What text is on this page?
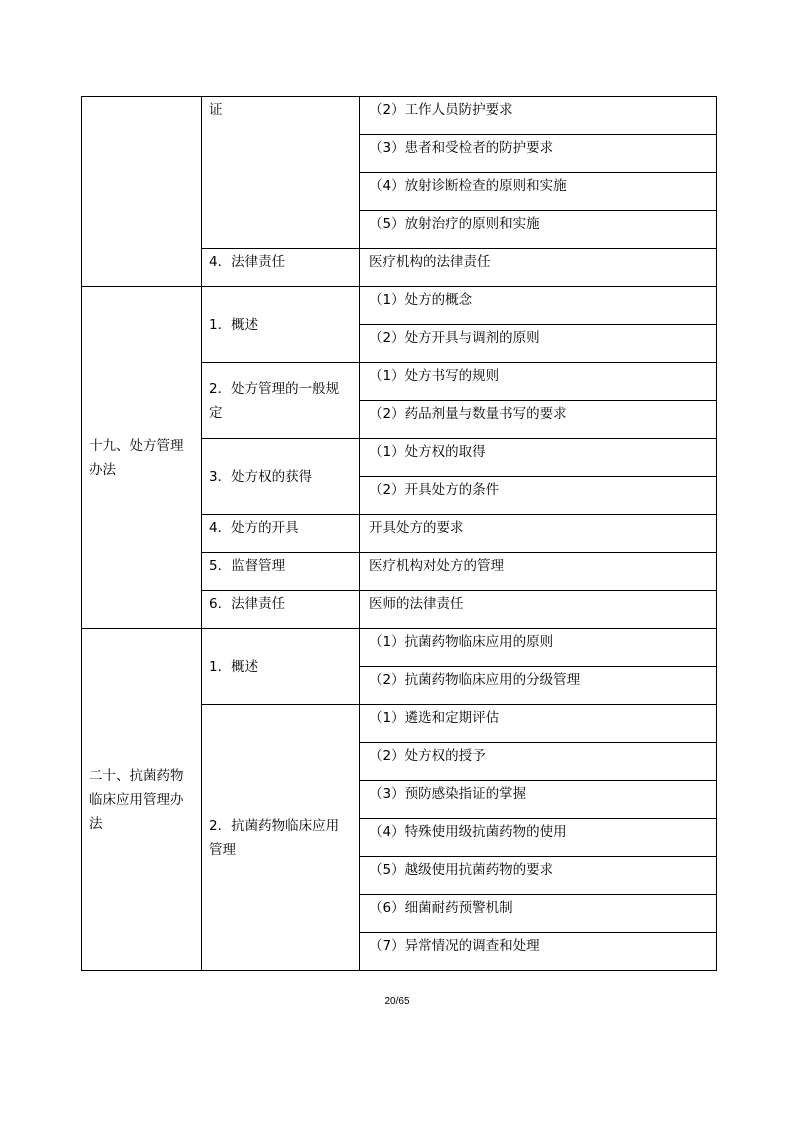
	证	（2）工作人员防护要求
		（3）患者和受检者的防护要求
		（4）放射诊断检查的原则和实施
		（5）放射治疗的原则和实施
	4．法律责任	医疗机构的法律责任
十九、处方管理办法	1．概述	（1）处方的概念
		（2）处方开具与调剂的原则
	2．处方管理的一般规定	（1）处方书写的规则
		（2）药品剂量与数量书写的要求
	3．处方权的获得	（1）处方权的取得
		（2）开具处方的条件
	4．处方的开具	开具处方的要求
	5．监督管理	医疗机构对处方的管理
	6．法律责任	医师的法律责任
二十、抗菌药物临床应用管理办法	1．概述	（1）抗菌药物临床应用的原则
		（2）抗菌药物临床应用的分级管理
	2．抗菌药物临床应用管理	（1）遴选和定期评估
		（2）处方权的授予
		（3）预防感染指证的掌握
		（4）特殊使用级抗菌药物的使用
		（5）越级使用抗菌药物的要求
		（6）细菌耐药预警机制
		（7）异常情况的调查和处理
20/65
